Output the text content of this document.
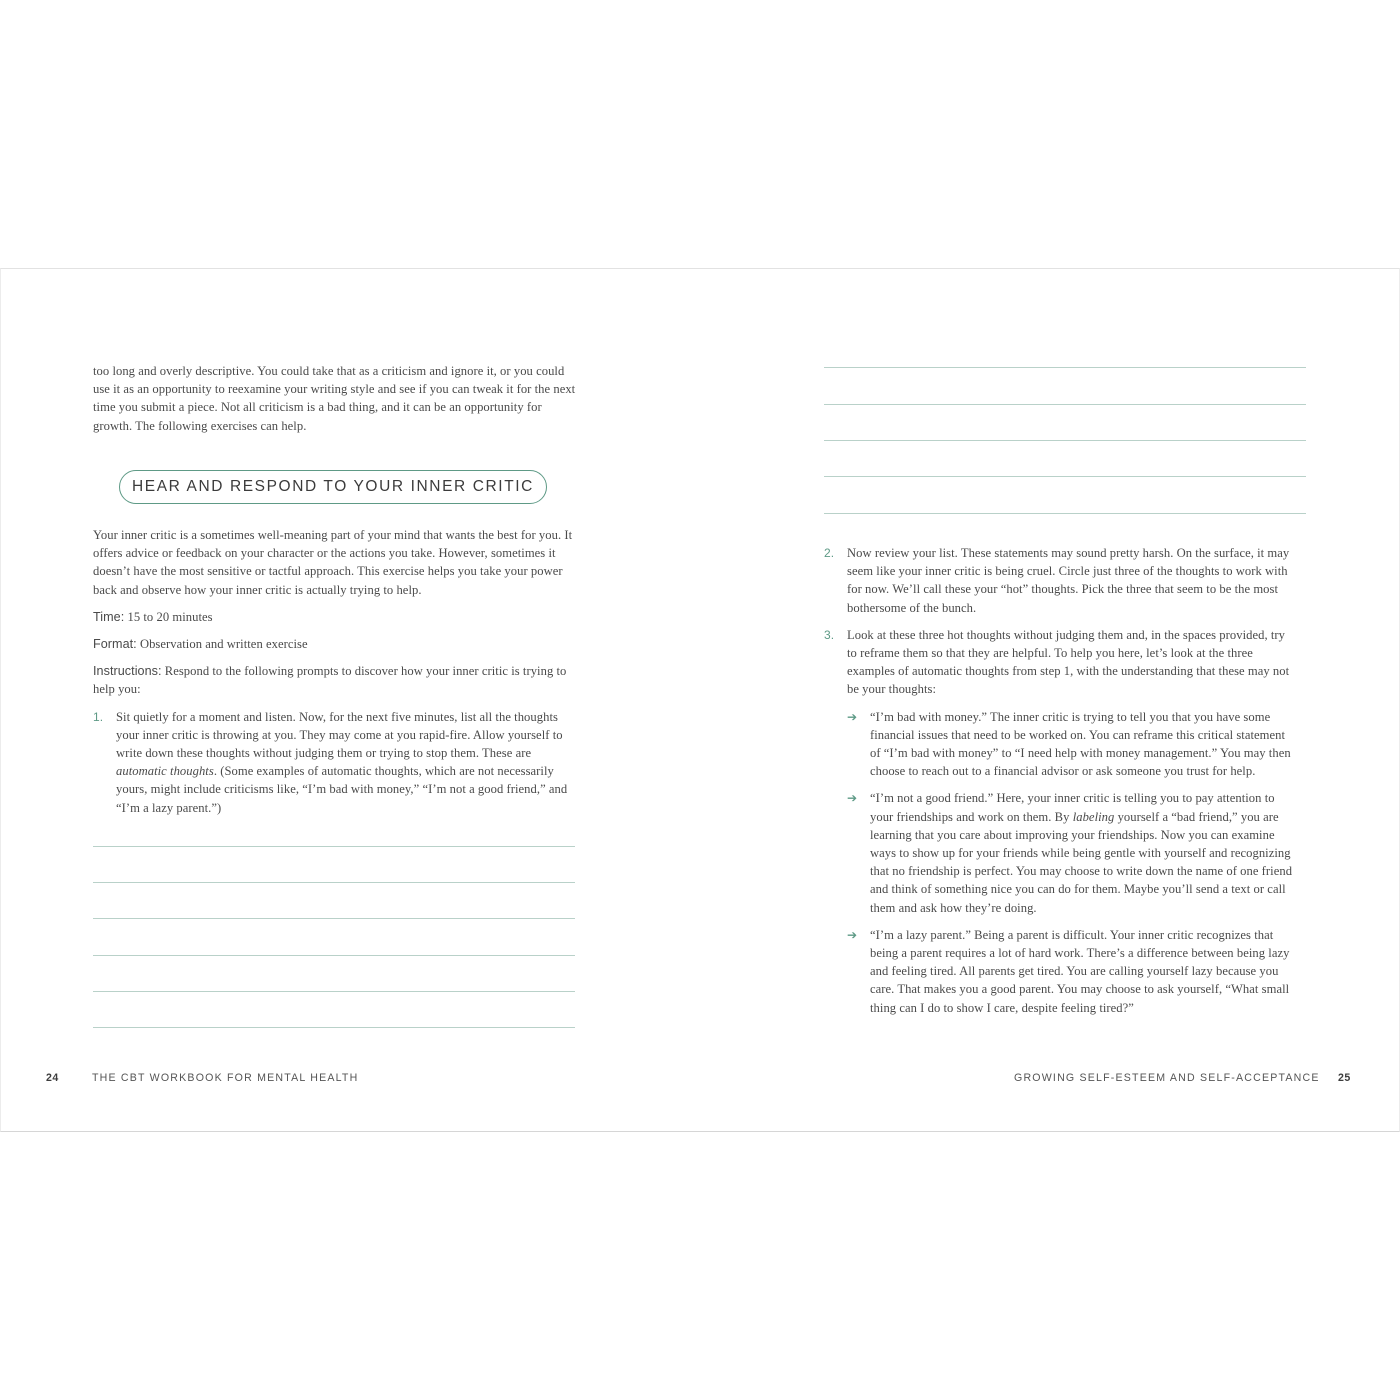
too long and overly descriptive. You could take that as a criticism and ignore it, or you could use it as an opportunity to reexamine your writing style and see if you can tweak it for the next time you submit a piece. Not all criticism is a bad thing, and it can be an opportunity for growth. The following exercises can help.

HEAR AND RESPOND TO YOUR INNER CRITIC

Your inner critic is a sometimes well-meaning part of your mind that wants the best for you. It offers advice or feedback on your character or the actions you take. However, sometimes it doesn’t have the most sensitive or tactful approach. This exercise helps you take your power back and observe how your inner critic is actually trying to help.

Time: 15 to 20 minutes

Format: Observation and written exercise

Instructions: Respond to the following prompts to discover how your inner critic is trying to help you:

1.	Sit quietly for a moment and listen. Now, for the next five minutes, list all the thoughts your inner critic is throwing at you. They may come at you rapid-fire. Allow yourself to write down these thoughts without judging them or trying to stop them. These are automatic thoughts. (Some examples of automatic thoughts, which are not necessarily yours, might include criticisms like, “I’m bad with money,” “I’m not a good friend,” and “I’m a lazy parent.”)

24	THE CBT WORKBOOK FOR MENTAL HEALTH
2.	Now review your list. These statements may sound pretty harsh. On the surface, it may seem like your inner critic is being cruel. Circle just three of the thoughts to work with for now. We’ll call these your “hot” thoughts. Pick the three that seem to be the most bothersome of the bunch.

3.	Look at these three hot thoughts without judging them and, in the spaces provided, try to reframe them so that they are helpful. To help you here, let’s look at the three examples of automatic thoughts from step 1, with the understanding that these may not be your thoughts:

➔	“I’m bad with money.” The inner critic is trying to tell you that you have some financial issues that need to be worked on. You can reframe this critical statement of “I’m bad with money” to “I need help with money management.” You may then choose to reach out to a financial advisor or ask someone you trust for help.

➔	“I’m not a good friend.” Here, your inner critic is telling you to pay attention to your friendships and work on them. By labeling yourself a “bad friend,” you are learning that you care about improving your friendships. Now you can examine ways to show up for your friends while being gentle with yourself and recognizing that no friendship is perfect. You may choose to write down the name of one friend and think of something nice you can do for them. Maybe you’ll send a text or call them and ask how they’re doing.

➔	“I’m a lazy parent.” Being a parent is difficult. Your inner critic recognizes that being a parent requires a lot of hard work. There’s a difference between being lazy and feeling tired. All parents get tired. You are calling yourself lazy because you care. That makes you a good parent. You may choose to ask yourself, “What small thing can I do to show I care, despite feeling tired?”

GROWING SELF-ESTEEM AND SELF-ACCEPTANCE 25
